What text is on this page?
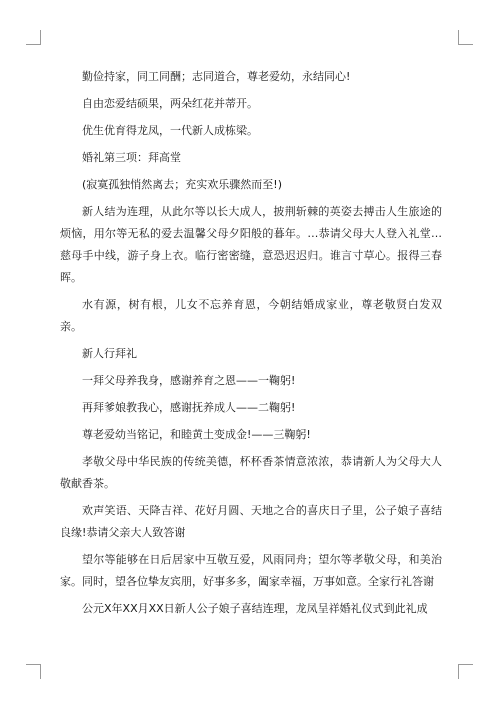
勤俭持家，同工同酬；志同道合，尊老爱幼，永结同心!

自由恋爱结硕果，两朵红花并蒂开。

优生优育得龙凤，一代新人成栋梁。

婚礼第三项：拜高堂

(寂寞孤独悄然离去；充实欢乐骤然而至!)

新人结为连理，从此尔等以长大成人，披荆斩棘的英姿去搏击人生旅途的烦恼，用尔等无私的爱去温馨父母夕阳般的暮年。…恭请父母大人登入礼堂…慈母手中线，游子身上衣。临行密密缝，意恐迟迟归。谁言寸草心。报得三春晖。

水有源，树有根，儿女不忘养育恩，今朝结婚成家业，尊老敬贤白发双亲。

新人行拜礼

一拜父母养我身，感谢养育之恩——一鞠躬!

再拜爹娘教我心，感谢抚养成人——二鞠躬!

尊老爱幼当铭记，和睦黄土变成金!——三鞠躬!

孝敬父母中华民族的传统美德，杯杯香茶情意浓浓，恭请新人为父母大人敬献香茶。

欢声笑语、天降吉祥、花好月圆、天地之合的喜庆日子里，公子娘子喜结良缘!恭请父亲大人致答谢

望尔等能够在日后居家中互敬互爱，风雨同舟；望尔等孝敬父母，和美治家。同时，望各位挚友宾朋，好事多多，阖家幸福，万事如意。全家行礼答谢

公元X年XX月XX日新人公子娘子喜结连理，龙凤呈祥婚礼仪式到此礼成
